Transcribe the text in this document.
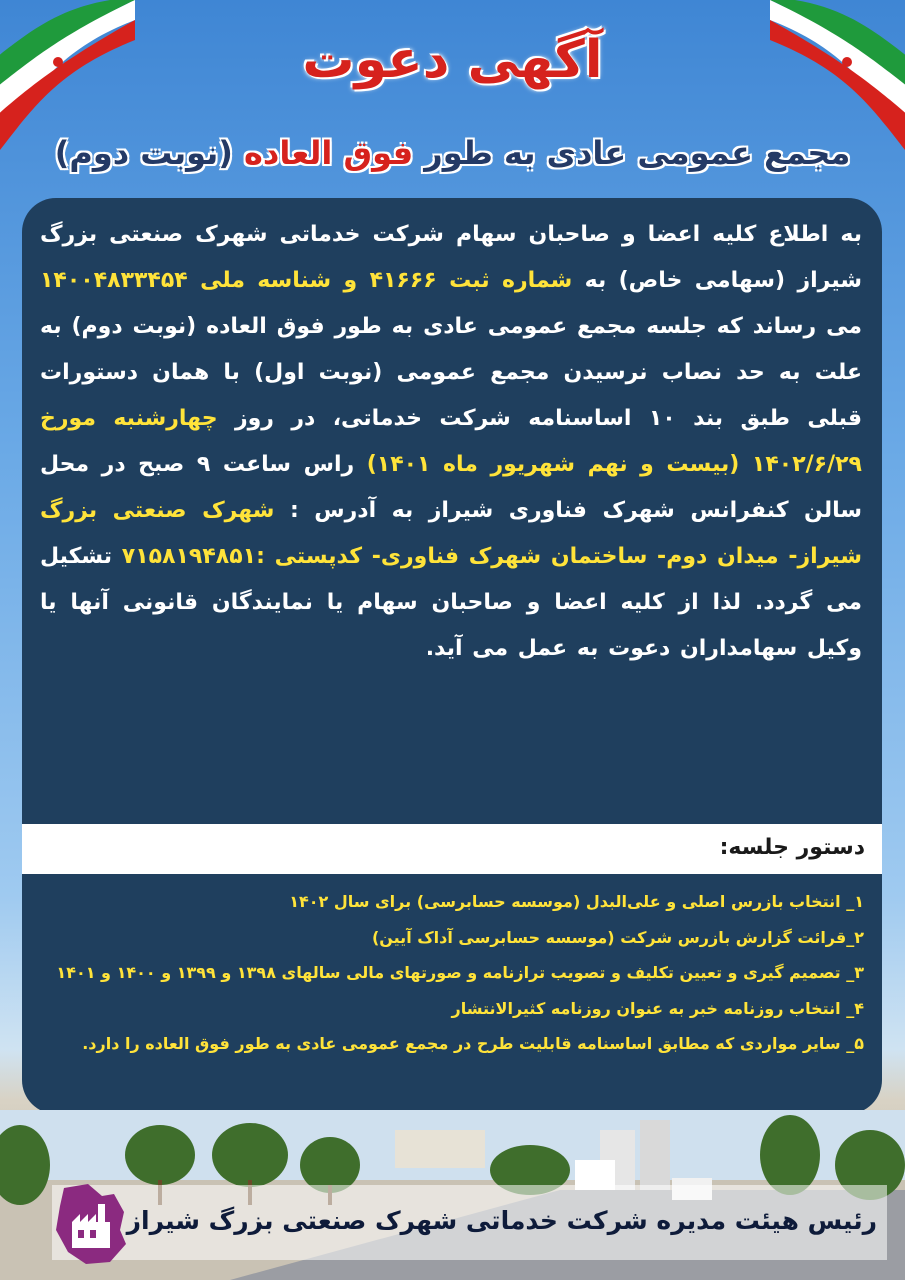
آگهی دعوت
مجمع عمومی عادی به طور فوق العاده (نوبت دوم)
به اطلاع کلیه اعضا و صاحبان سهام شرکت خدماتی شهرک صنعتی بزرگ شیراز (سهامی خاص) به شماره ثبت ۴۱۶۶۶ و شناسه ملی ۱۴۰۰۴۸۳۳۴۵۴ می رساند که جلسه مجمع عمومی عادی به طور فوق العاده (نوبت دوم) به علت به حد نصاب نرسیدن مجمع عمومی (نوبت اول) با همان دستورات قبلی طبق بند ۱۰ اساسنامه شرکت خدماتی، در روز چهارشنبه مورخ ۱۴۰۲/۶/۲۹ (بیست و نهم شهریور ماه ۱۴۰۱) راس ساعت ۹ صبح در محل سالن کنفرانس شهرک فناوری شیراز به آدرس : شهرک صنعتی بزرگ شیراز- میدان دوم- ساختمان شهرک فناوری- کدپستی :۷۱۵۸۱۹۴۸۵۱ تشکیل می گردد. لذا از کلیه اعضا و صاحبان سهام یا نمایندگان قانونی آنها یا وکیل سهامداران دعوت به عمل می آید.
دستور جلسه:
۱_ انتخاب بازرس اصلی و علی‌البدل (موسسه حسابرسی) برای سال ۱۴۰۲
۲_قرائت گزارش بازرس شرکت (موسسه حسابرسی آداک آیین)
۳_ تصمیم گیری و تعیین تکلیف و تصویب ترازنامه و صورتهای مالی سالهای ۱۳۹۸ و ۱۳۹۹ و ۱۴۰۰ و ۱۴۰۱
۴_ انتخاب روزنامه خبر به عنوان روزنامه کثیرالانتشار
۵_ سایر مواردی که مطابق اساسنامه قابلیت طرح در مجمع عمومی عادی به طور فوق العاده را دارد.
رئیس هیئت مدیره شرکت خدماتی شهرک صنعتی بزرگ شیراز
